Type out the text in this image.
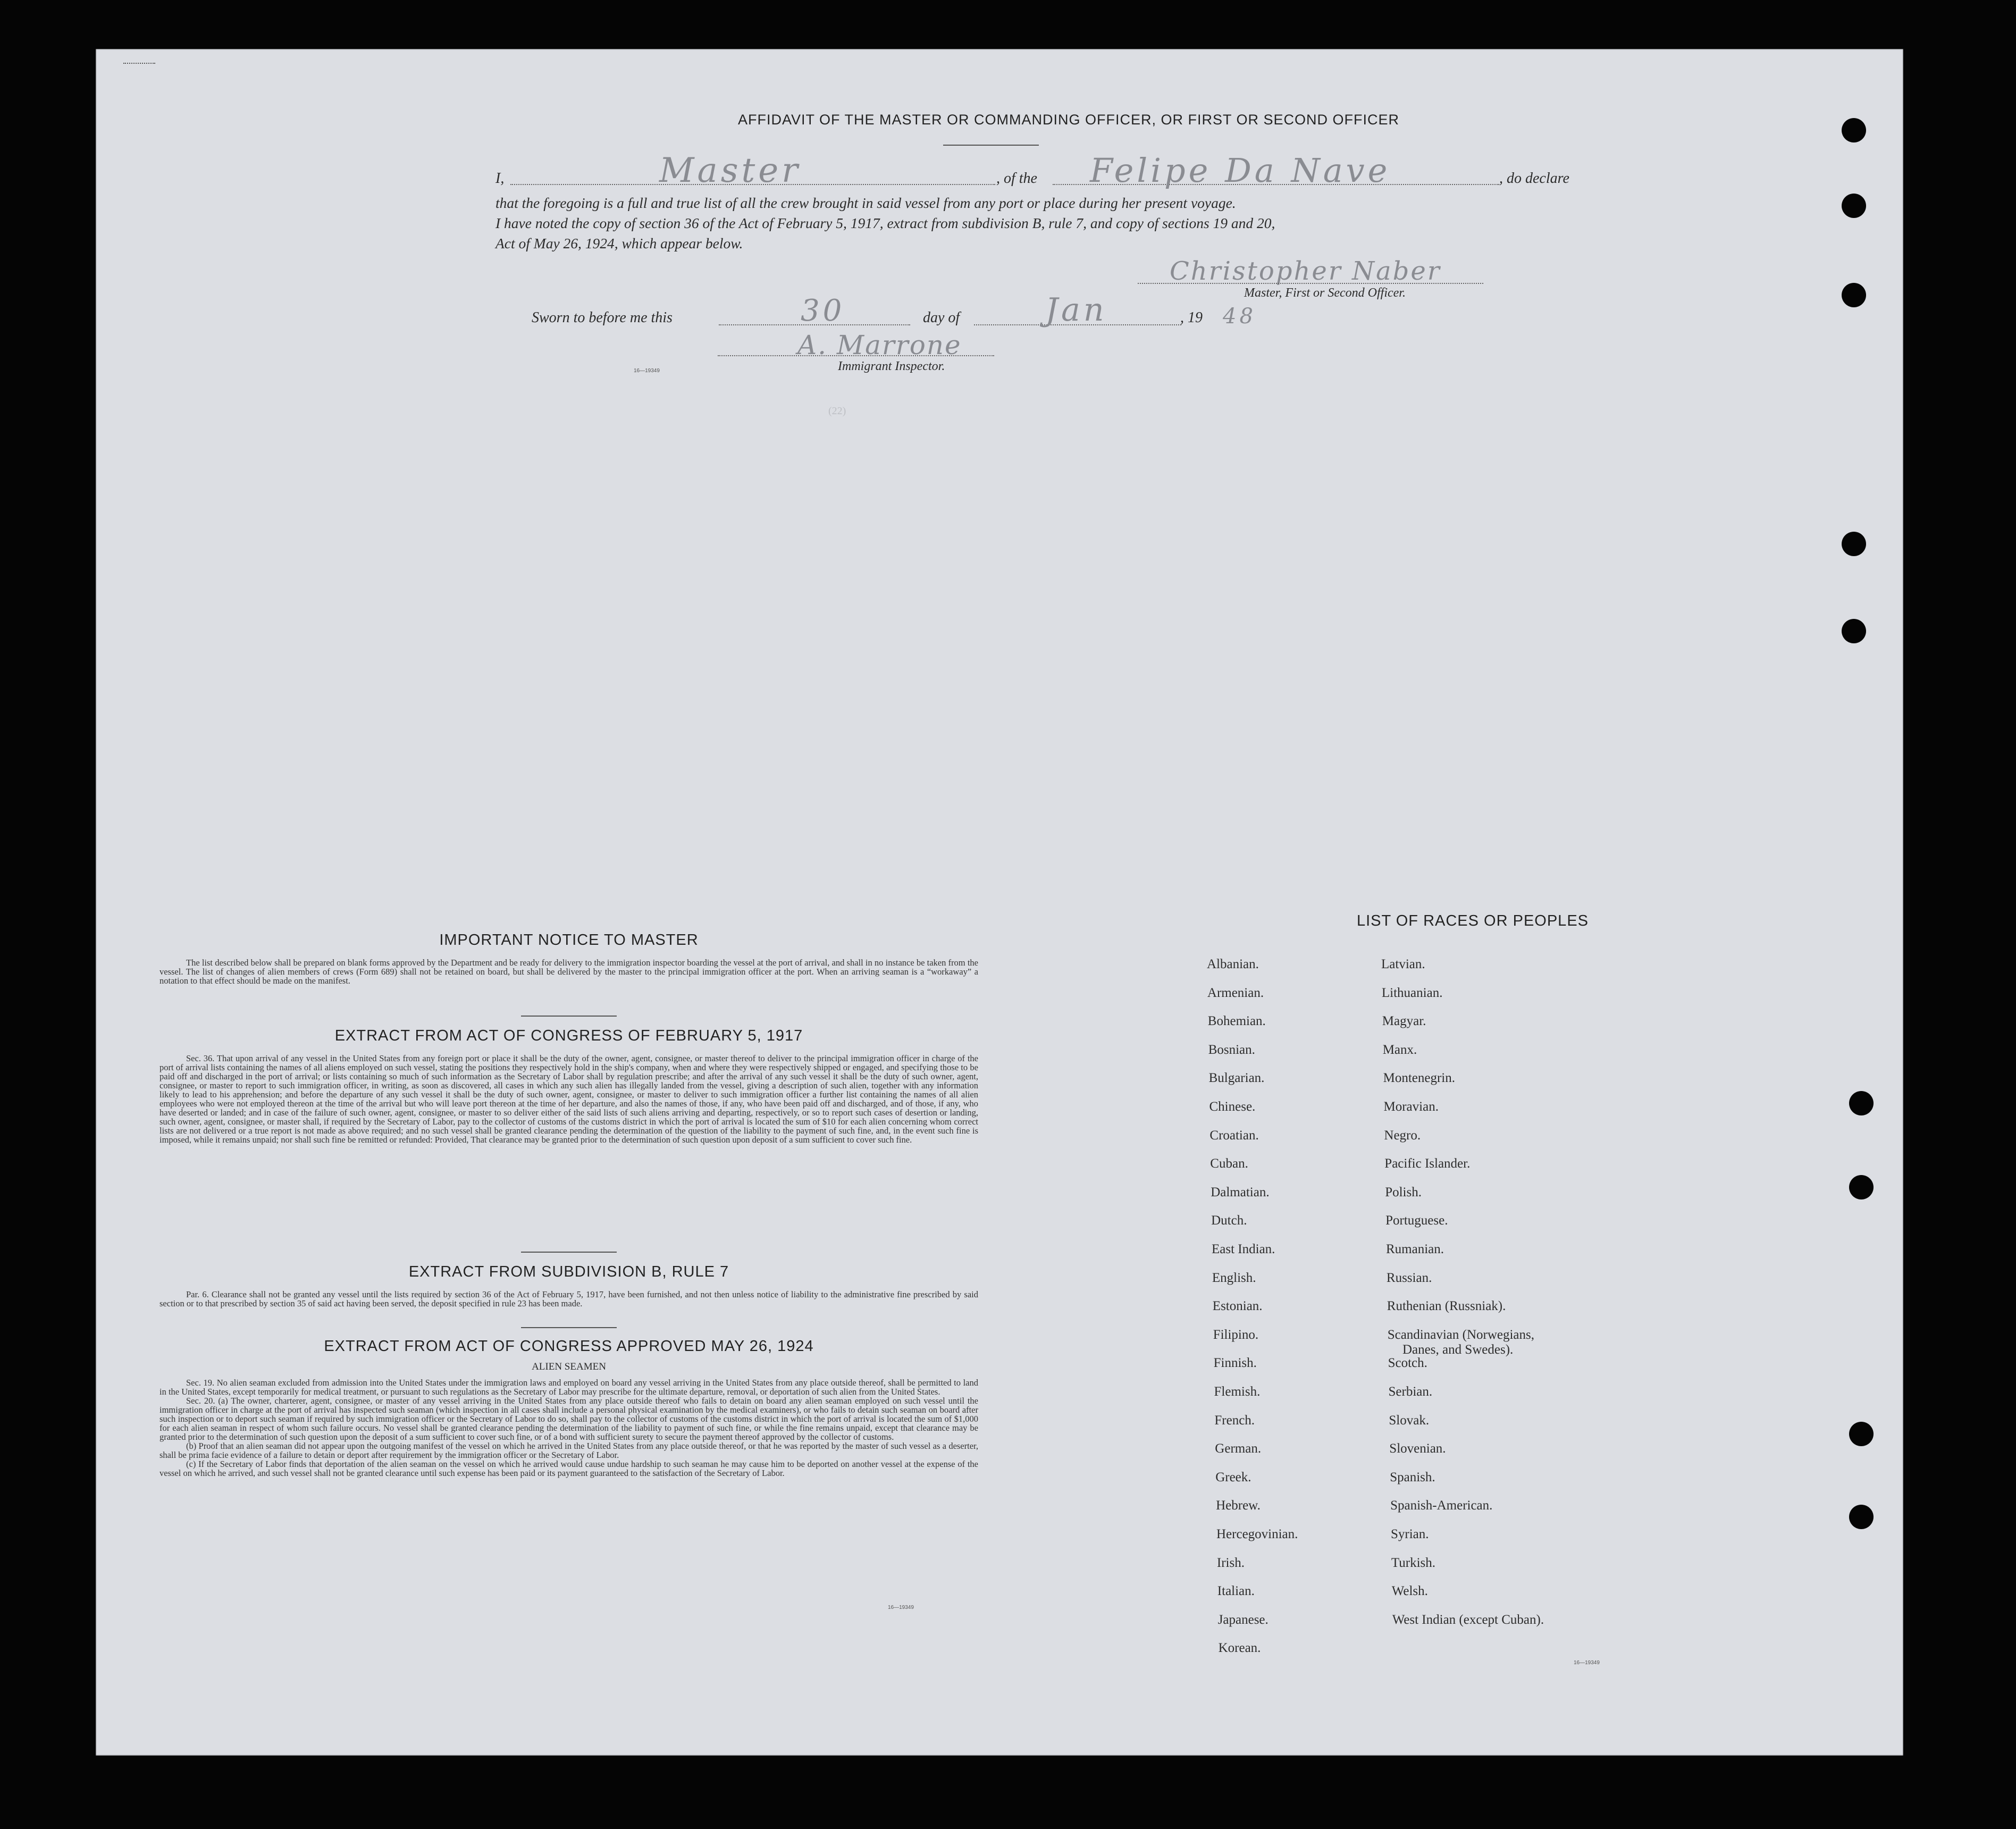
AFFIDAVIT OF THE MASTER OR COMMANDING OFFICER, OR FIRST OR SECOND OFFICER
I,	Master	, of the Felipe Da Nave	, do declare
that the foregoing is a full and true list of all the crew brought in said vessel from any port or place during her present voyage.
I have noted the copy of section 36 of the Act of February 5, 1917, extract from subdivision B, rule 7, and copy of sections 19 and 20,
Act of May 26, 1924, which appear below.
Christopher Naber
Master, First or Second Officer.
Sworn to before me this	30	day of	Jan	, 19 48
A. Marrone
Immigrant Inspector.
16—19349
(22)
IMPORTANT NOTICE TO MASTER

The list described below shall be prepared on blank forms approved by the Department and be ready for delivery to the immigration inspector boarding the vessel at the port of arrival, and shall in no instance be taken from the vessel. The list of changes of alien members of crews (Form 689) shall not be retained on board, but shall be delivered by the master to the principal immigration officer at the port. When an arriving seaman is a “workaway” a notation to that effect should be made on the manifest.

EXTRACT FROM ACT OF CONGRESS OF FEBRUARY 5, 1917

Sec. 36. That upon arrival of any vessel in the United States from any foreign port or place it shall be the duty of the owner, agent, consignee, or master thereof to deliver to the principal immigration officer in charge of the port of arrival lists containing the names of all aliens employed on such vessel, stating the positions they respectively hold in the ship's company, when and where they were respectively shipped or engaged, and specifying those to be paid off and discharged in the port of arrival; or lists containing so much of such information as the Secretary of Labor shall by regulation prescribe; and after the arrival of any such vessel it shall be the duty of such owner, agent, consignee, or master to report to such immigration officer, in writing, as soon as discovered, all cases in which any such alien has illegally landed from the vessel, giving a description of such alien, together with any information likely to lead to his apprehension; and before the departure of any such vessel it shall be the duty of such owner, agent, consignee, or master to deliver to such immigration officer a further list containing the names of all alien employees who were not employed thereon at the time of the arrival but who will leave port thereon at the time of her departure, and also the names of those, if any, who have been paid off and discharged, and of those, if any, who have deserted or landed; and in case of the failure of such owner, agent, consignee, or master to so deliver either of the said lists of such aliens arriving and departing, respectively, or so to report such cases of desertion or landing, such owner, agent, consignee, or master shall, if required by the Secretary of Labor, pay to the collector of customs of the customs district in which the port of arrival is located the sum of $10 for each alien concerning whom correct lists are not delivered or a true report is not made as above required; and no such vessel shall be granted clearance pending the determination of the question of the liability to the payment of such fine, and, in the event such fine is imposed, while it remains unpaid; nor shall such fine be remitted or refunded: Provided, That clearance may be granted prior to the determination of such question upon deposit of a sum sufficient to cover such fine.

EXTRACT FROM SUBDIVISION B, RULE 7

Par. 6. Clearance shall not be granted any vessel until the lists required by section 36 of the Act of February 5, 1917, have been furnished, and not then unless notice of liability to the administrative fine prescribed by said section or to that prescribed by section 35 of said act having been served, the deposit specified in rule 23 has been made.

EXTRACT FROM ACT OF CONGRESS APPROVED MAY 26, 1924
ALIEN SEAMEN

Sec. 19. No alien seaman excluded from admission into the United States under the immigration laws and employed on board any vessel arriving in the United States from any place outside thereof, shall be permitted to land in the United States, except temporarily for medical treatment, or pursuant to such regulations as the Secretary of Labor may prescribe for the ultimate departure, removal, or deportation of such alien from the United States.

Sec. 20. (a) The owner, charterer, agent, consignee, or master of any vessel arriving in the United States from any place outside thereof who fails to detain on board any alien seaman employed on such vessel until the immigration officer in charge at the port of arrival has inspected such seaman (which inspection in all cases shall include a personal physical examination by the medical examiners), or who fails to detain such seaman on board after such inspection or to deport such seaman if required by such immigration officer or the Secretary of Labor to do so, shall pay to the collector of customs of the customs district in which the port of arrival is located the sum of $1,000 for each alien seaman in respect of whom such failure occurs. No vessel shall be granted clearance pending the determination of the liability to payment of such fine, or while the fine remains unpaid, except that clearance may be granted prior to the determination of such question upon the deposit of a sum sufficient to cover such fine, or of a bond with sufficient surety to secure the payment thereof approved by the collector of customs.

(b) Proof that an alien seaman did not appear upon the outgoing manifest of the vessel on which he arrived in the United States from any place outside thereof, or that he was reported by the master of such vessel as a deserter, shall be prima facie evidence of a failure to detain or deport after requirement by the immigration officer or the Secretary of Labor.

(c) If the Secretary of Labor finds that deportation of the alien seaman on the vessel on which he arrived would cause undue hardship to such seaman he may cause him to be deported on another vessel at the expense of the vessel on which he arrived, and such vessel shall not be granted clearance until such expense has been paid or its payment guaranteed to the satisfaction of the Secretary of Labor.

16—19349
LIST OF RACES OR PEOPLES
Albanian.
Armenian.
Bohemian.
Bosnian.
Bulgarian.
Chinese.
Croatian.
Cuban.
Dalmatian.
Dutch.
East Indian.
English.
Estonian.
Filipino.
Finnish.
Flemish.
French.
German.
Greek.
Hebrew.
Hercegovinian.
Irish.
Italian.
Japanese.
Korean.
Latvian.
Lithuanian.
Magyar.
Manx.
Montenegrin.
Moravian.
Negro.
Pacific Islander.
Polish.
Portuguese.
Rumanian.
Russian.
Ruthenian (Russniak).
Scandinavian (Norwegians,
Danes, and Swedes).
Scotch.
Serbian.
Slovak.
Slovenian.
Spanish.
Spanish-American.
Syrian.
Turkish.
Welsh.
West Indian (except Cuban).
16—19349
